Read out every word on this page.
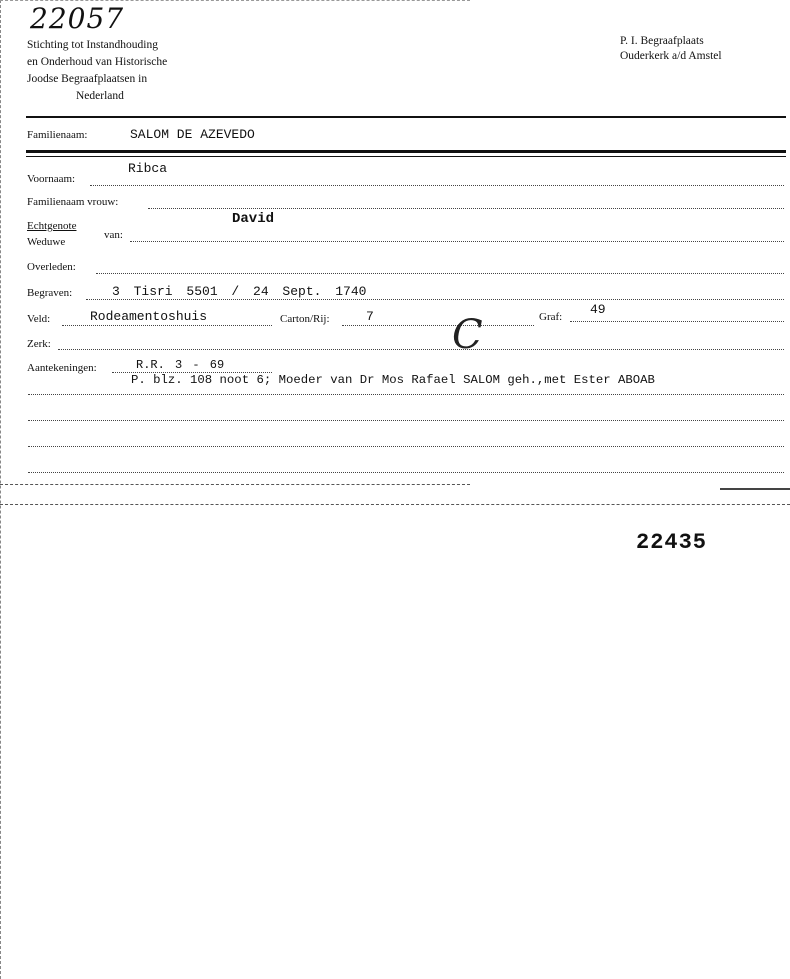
22057
Stichting tot Instandhouding
en Onderhoud van Historische
Joodse Begraafplaatsen in
Nederland
P. I. Begraafplaats
Ouderkerk a/d Amstel
Familienaam:	SALOM DE AZEVEDO
Voornaam:
Ribca
Familienaam vrouw:
Echtgenote
Weduwe
van:
David
Overleden:
Begraven:	3 Tisri 5501 / 24 Sept. 1740
Veld:	Rodeamentoshuis	Carton/Rij:	7	Graf: 49
Zerk:	C
Aantekeningen:	R.R. 3 - 69
P. blz. 108 noot 6; Moeder van Dr Mos Rafael SALOM geh.,met Ester ABOAB
22435
